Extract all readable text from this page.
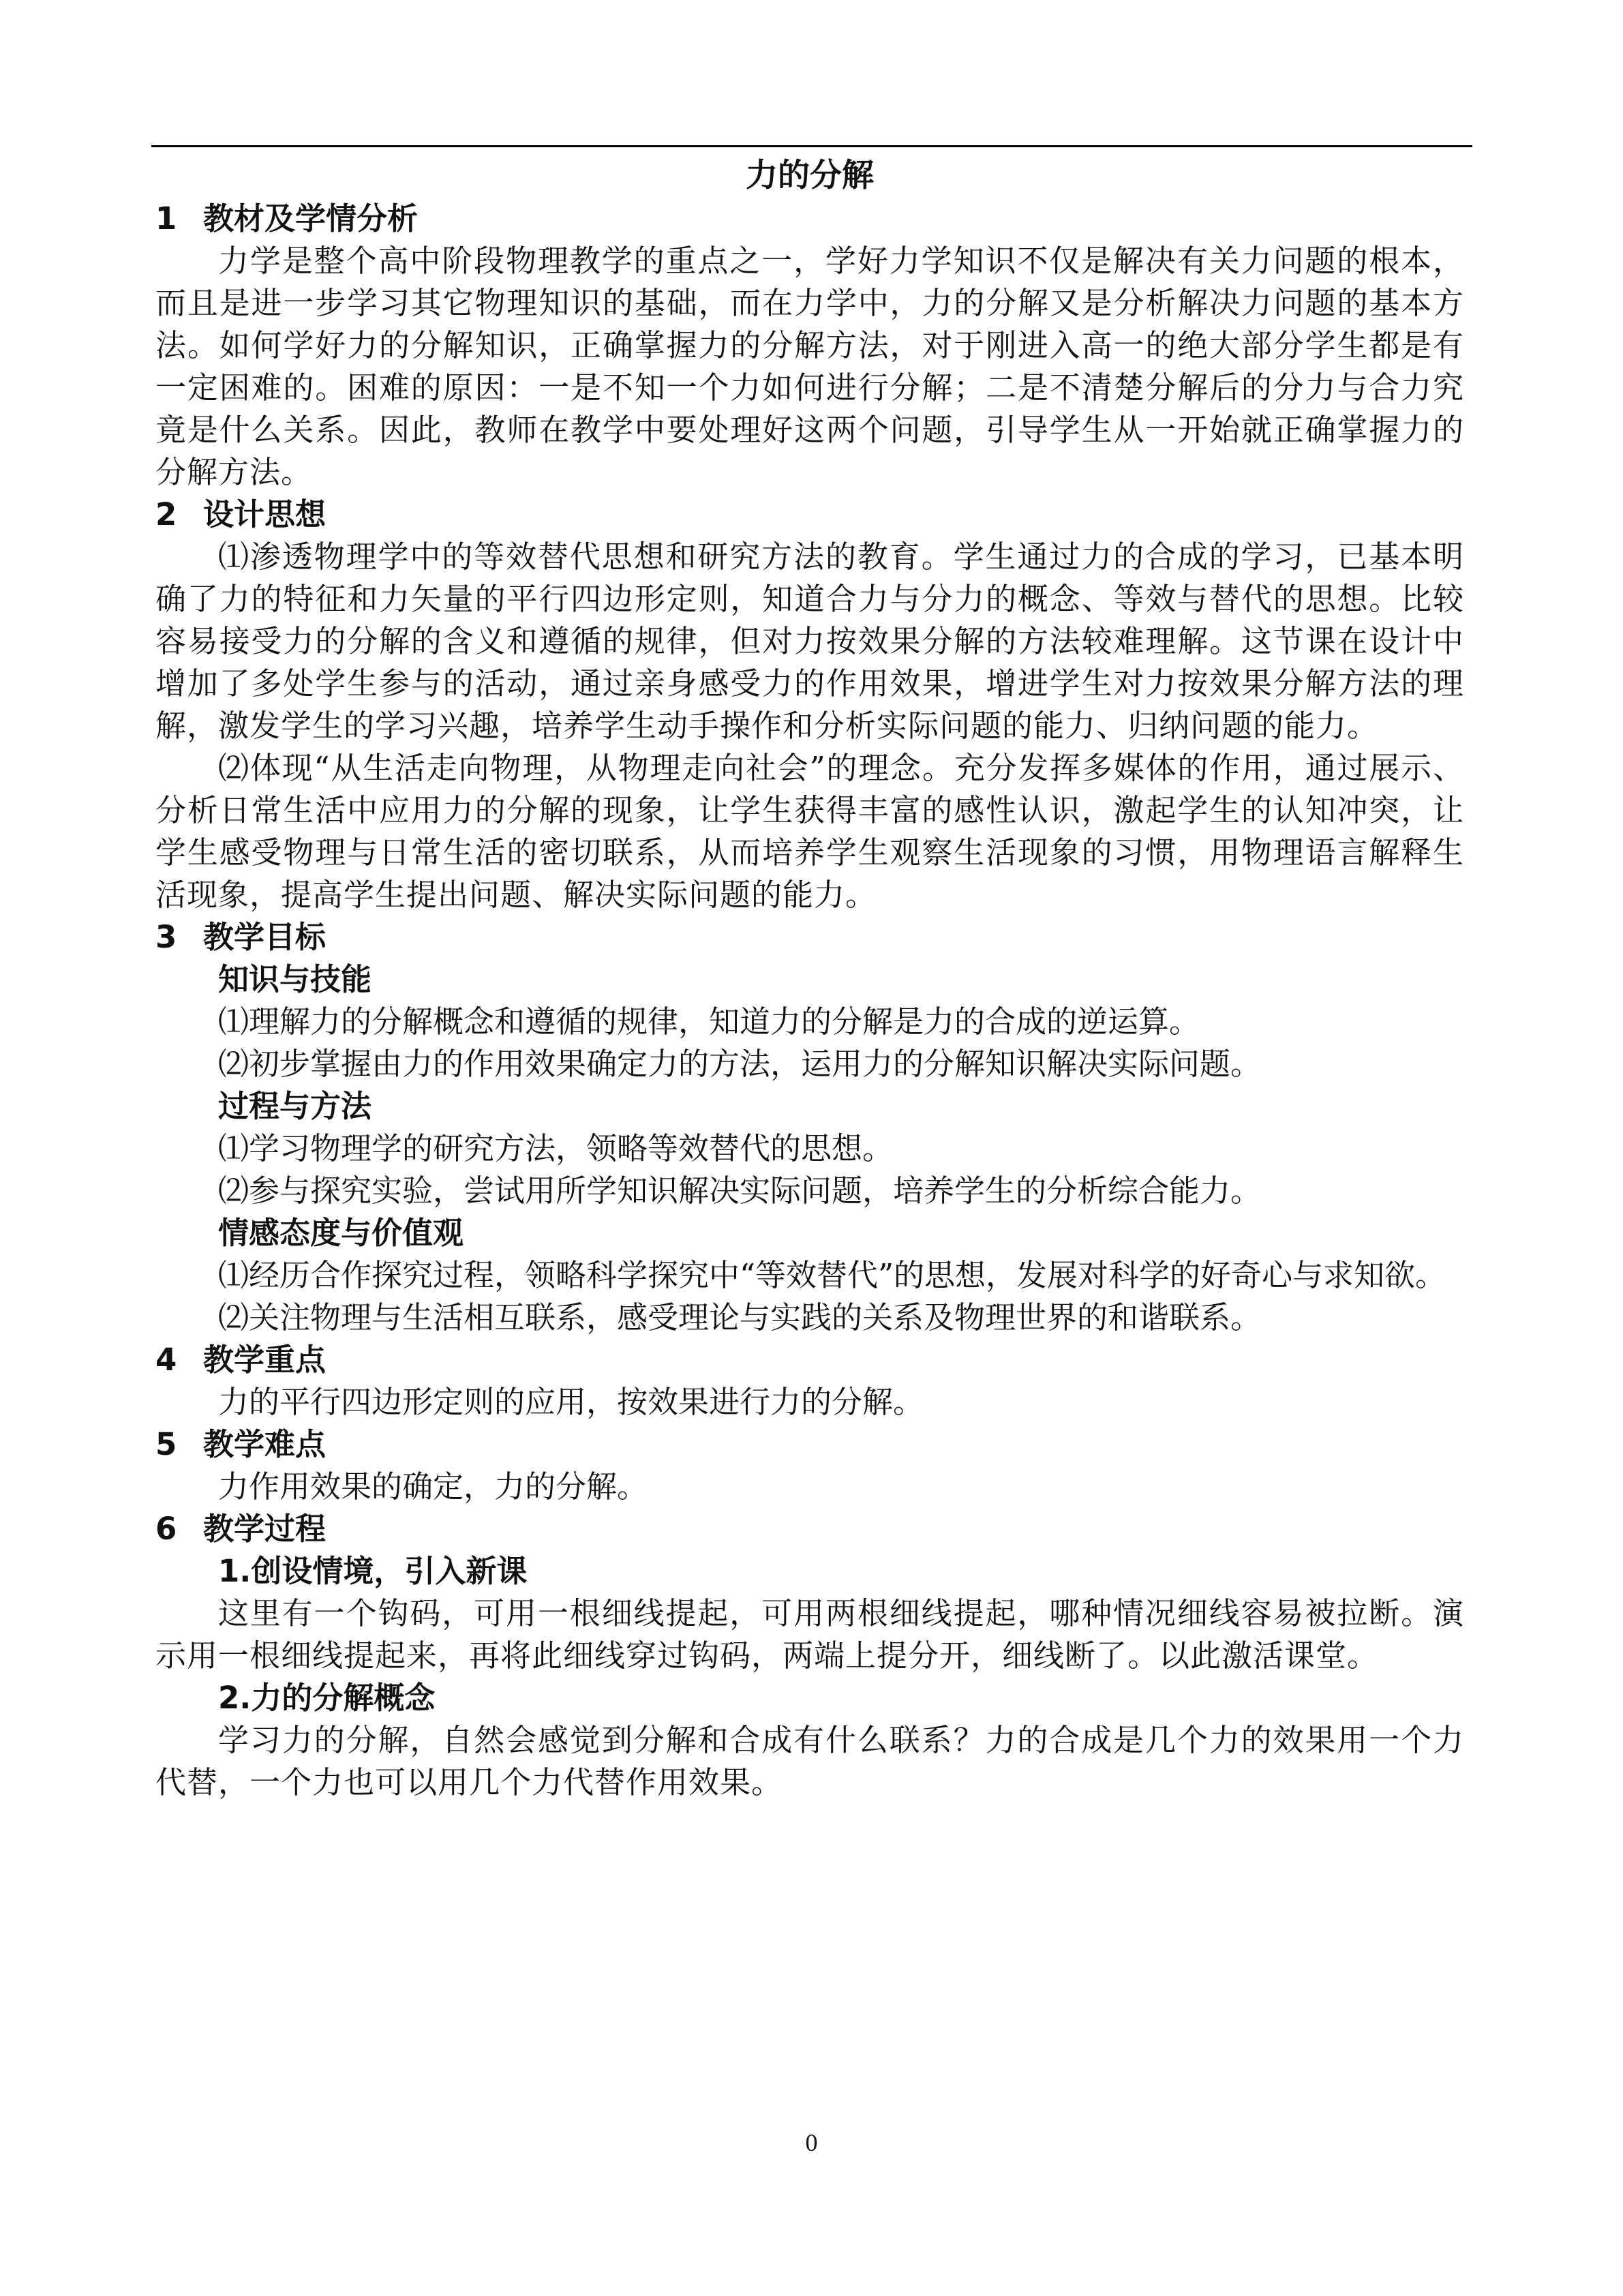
力的分解
1 教材及学情分析

力学是整个高中阶段物理教学的重点之一，学好力学知识不仅是解决有关力问题的根本，而且是进一步学习其它物理知识的基础，而在力学中，力的分解又是分析解决力问题的基本方法。如何学好力的分解知识，正确掌握力的分解方法，对于刚进入高一的绝大部分学生都是有一定困难的。困难的原因：一是不知一个力如何进行分解；二是不清楚分解后的分力与合力究竟是什么关系。因此，教师在教学中要处理好这两个问题，引导学生从一开始就正确掌握力的分解方法。

2 设计思想

⑴渗透物理学中的等效替代思想和研究方法的教育。学生通过力的合成的学习，已基本明确了力的特征和力矢量的平行四边形定则，知道合力与分力的概念、等效与替代的思想。比较容易接受力的分解的含义和遵循的规律，但对力按效果分解的方法较难理解。这节课在设计中增加了多处学生参与的活动，通过亲身感受力的作用效果，增进学生对力按效果分解方法的理解，激发学生的学习兴趣，培养学生动手操作和分析实际问题的能力、归纳问题的能力。

⑵体现“从生活走向物理，从物理走向社会”的理念。充分发挥多媒体的作用，通过展示、分析日常生活中应用力的分解的现象，让学生获得丰富的感性认识，激起学生的认知冲突，让学生感受物理与日常生活的密切联系，从而培养学生观察生活现象的习惯，用物理语言解释生活现象，提高学生提出问题、解决实际问题的能力。

3 教学目标
知识与技能
⑴理解力的分解概念和遵循的规律，知道力的分解是力的合成的逆运算。
⑵初步掌握由力的作用效果确定力的方法，运用力的分解知识解决实际问题。
过程与方法
⑴学习物理学的研究方法，领略等效替代的思想。
⑵参与探究实验，尝试用所学知识解决实际问题，培养学生的分析综合能力。
情感态度与价值观

⑴经历合作探究过程，领略科学探究中“等效替代”的思想，发展对科学的好奇心与求知欲。

⑵关注物理与生活相互联系，感受理论与实践的关系及物理世界的和谐联系。
4 教学重点
力的平行四边形定则的应用，按效果进行力的分解。
5 教学难点
力作用效果的确定，力的分解。
6 教学过程
1.创设情境，引入新课

这里有一个钩码，可用一根细线提起，可用两根细线提起，哪种情况细线容易被拉断。演示用一根细线提起来，再将此细线穿过钩码，两端上提分开，细线断了。以此激活课堂。

2.力的分解概念

学习力的分解，自然会感觉到分解和合成有什么联系？力的合成是几个力的效果用一个力代替，一个力也可以用几个力代替作用效果。

0
